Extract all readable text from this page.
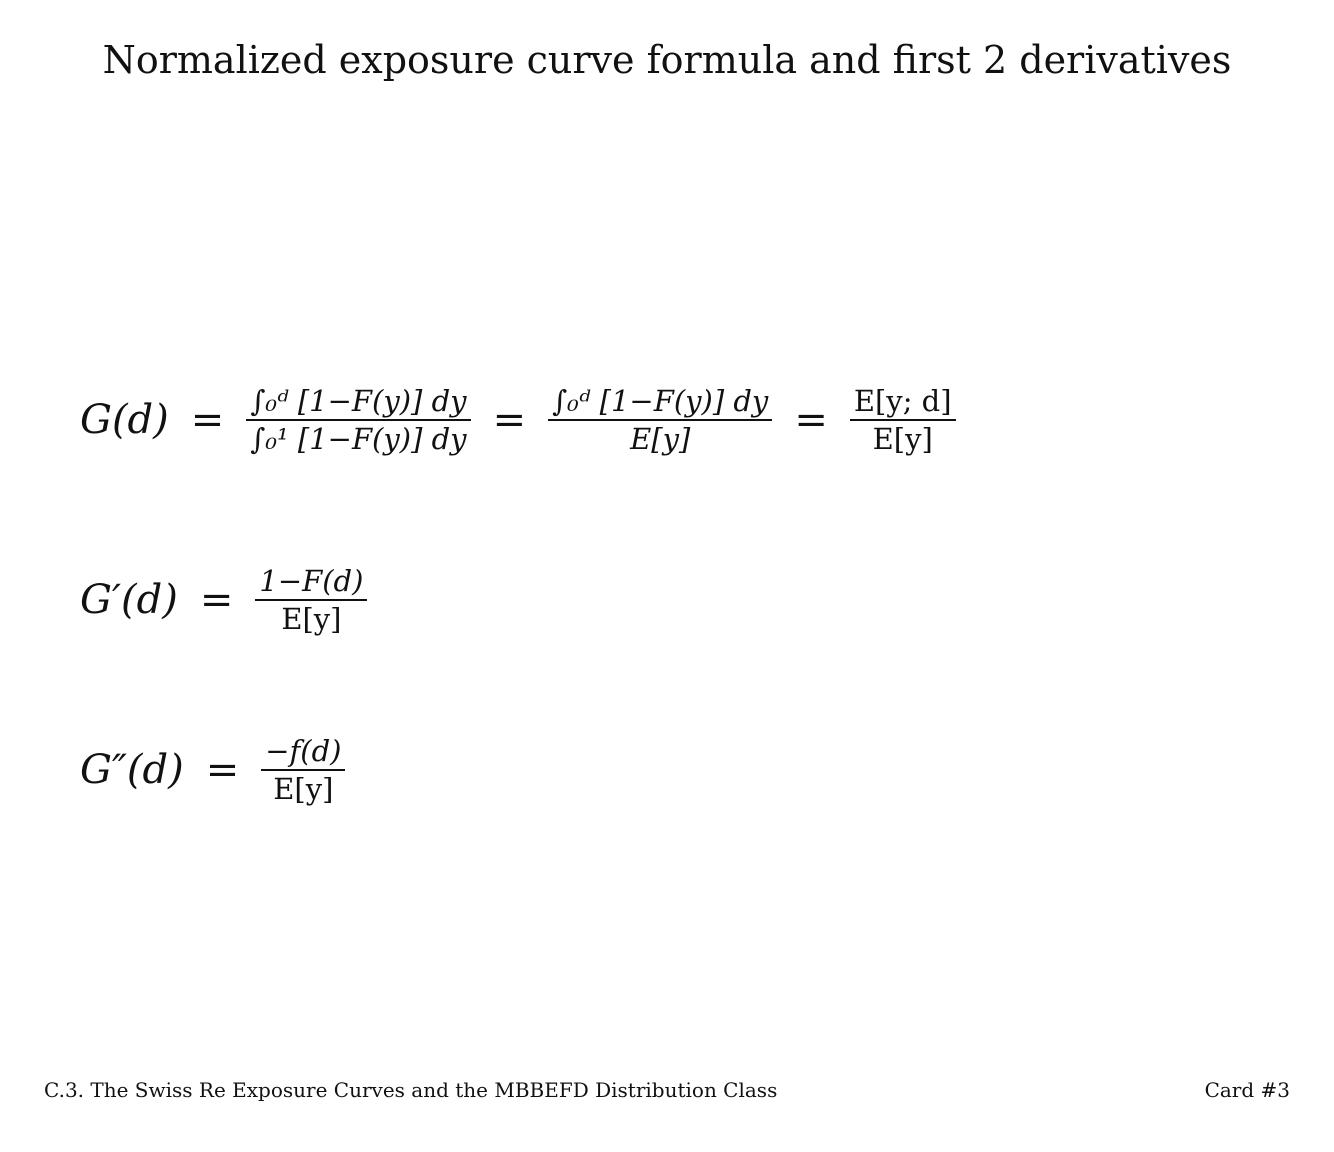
Normalized exposure curve formula and first 2 derivatives
$G(d) = \frac{\text{∫₀ᵈ [1−F(y)] dy}}{\text{∫₀¹ [1−F(y)] dy}} = \frac{\text{∫₀ᵈ [1−F(y)] dy}}{E[y]} = \frac{E[y; d]}{E[y]}$
$G'(d) = \frac{1-F(d)}{E[y]}$
$G''(d) = \frac{-f(d)}{E[y]}$
C.3. The Swiss Re Exposure Curves and the MBBEFD Distribution Class	Card #3
